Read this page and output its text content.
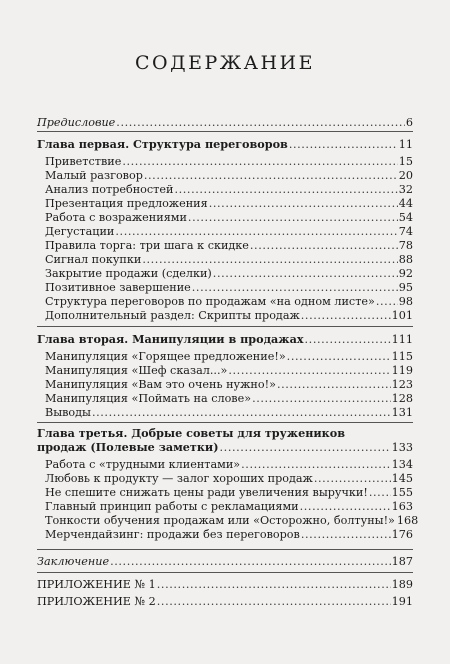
СОДЕРЖАНИЕ
Предисловие .....	6
Глава первая. Структура переговоров .....	11
Приветствие .....	15
Малый разговор .....	20
Анализ потребностей .....	32
Презентация предложения .....	44
Работа с возражениями .....	54
Дегустации .....	74
Правила торга: три шага к скидке .....	78
Сигнал покупки .....	88
Закрытие продажи (сделки) .....	92
Позитивное завершение .....	95
Структура переговоров по продажам «на одном листе» ..... 98
Дополнительный раздел: Скрипты продаж .....	101
Глава вторая. Манипуляции в продажах .....	111
Манипуляция «Горящее предложение!» .....	115
Манипуляция «Шеф сказал...» .....	119
Манипуляция «Вам это очень нужно!» .....	123
Манипуляция «Поймать на слове» .....	128
Выводы .....	131
Глава третья. Добрые советы для тружеников
продаж (Полевые заметки) .....	133
Работа с «трудными клиентами» .....	134
Любовь к продукту — залог хороших продаж .....	145
Не спешите снижать цены ради увеличения выручки! ..... 155
Главный принцип работы с рекламациями .....	163
Тонкости обучения продажам или «Осторожно, болтуны!» 168
Мерчендайзинг: продажи без переговоров .....	176
Заключение .....	187
ПРИЛОЖЕНИЕ № 1 .....	189
ПРИЛОЖЕНИЕ № 2 .....	191
